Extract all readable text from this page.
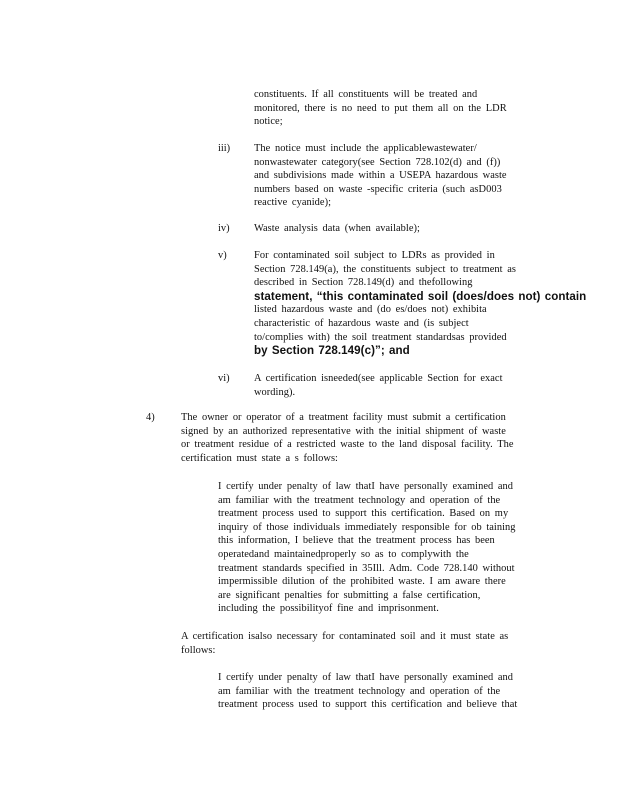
constituents. If all constituents will be treated and
monitored, there is no need to put them all on the LDR
notice;
iii) The notice must include the applicablewastewater/
nonwastewater category(see Section 728.102(d) and (f))
and subdivisions made within a USEPA hazardous waste
numbers based on waste -specific criteria (such asD003
reactive cyanide);
iv) Waste analysis data (when available);
v)	For contaminated soil subject to LDRs as provided in
Section 728.149(a), the constituents subject to treatment as
described in Section 728.149(d) and thefollowing
statement, “this contaminated soil (does/does not) contain
listed hazardous waste and (do es/does not) exhibita
characteristic of hazardous waste and (is subject
to/complies with) the soil treatment standardsas provided
by Section 728.149(c)”; and
vi) A certification isneeded(see applicable Section for exact
wording).
4)	The owner or operator of a treatment facility must submit a certification
signed by an authorized representative with the initial shipment of waste
or treatment residue of a restricted waste to the land disposal facility. The
certification must state a s follows:
I certify under penalty of law thatI have personally examined and
am familiar with the treatment technology and operation of the
treatment process used to support this certification. Based on my
inquiry of those individuals immediately responsible for ob taining
this information, I believe that the treatment process has been
operatedand maintainedproperly so as to complywith the
treatment standards specified in 35Ill. Adm. Code 728.140 without
impermissible dilution of the prohibited waste. I am aware there
are significant penalties for submitting a false certification,
including the possibilityof fine and imprisonment.
A certification isalso necessary for contaminated soil and it must state as
follows:
I certify under penalty of law thatI have personally examined and
am familiar with the treatment technology and operation of the
treatment process used to support this certification and believe that
